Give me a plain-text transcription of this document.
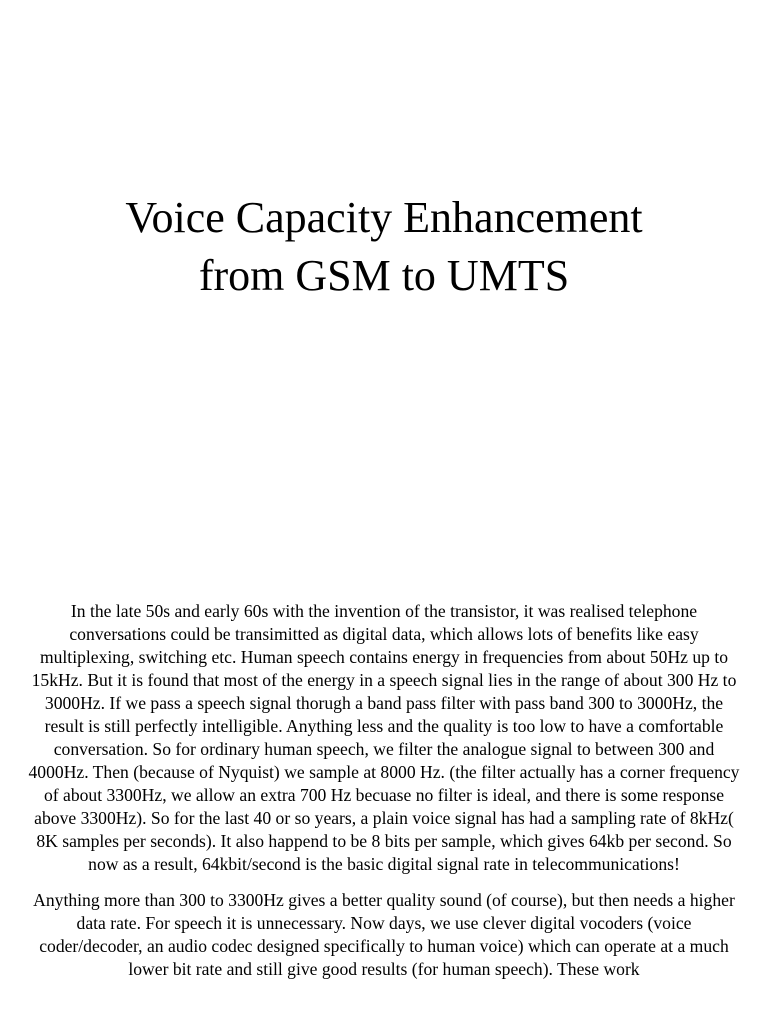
Voice Capacity Enhancement
from GSM to UMTS

In the late 50s and early 60s with the invention of the transistor, it was realised telephone conversations could be transimitted as digital data, which allows lots of benefits like easy multiplexing, switching etc. Human speech contains energy in frequencies from about 50Hz up to 15kHz. But it is found that most of the energy in a speech signal lies in the range of about 300 Hz to 3000Hz. If we pass a speech signal thorugh a band pass filter with pass band 300 to 3000Hz, the result is still perfectly intelligible. Anything less and the quality is too low to have a comfortable conversation. So for ordinary human speech, we filter the analogue signal to between 300 and 4000Hz. Then (because of Nyquist) we sample at 8000 Hz. (the filter actually has a corner frequency of about 3300Hz, we allow an extra 700 Hz becuase no filter is ideal, and there is some response above 3300Hz). So for the last 40 or so years, a plain voice signal has had a sampling rate of 8kHz( 8K samples per seconds). It also happend to be 8 bits per sample, which gives 64kb per second. So now as a result, 64kbit/second is the basic digital signal rate in telecommunications!

Anything more than 300 to 3300Hz gives a better quality sound (of course), but then needs a higher data rate. For speech it is unnecessary. Now days, we use clever digital vocoders (voice coder/decoder, an audio codec designed specifically to human voice) which can operate at a much lower bit rate and still give good results (for human speech). These work
